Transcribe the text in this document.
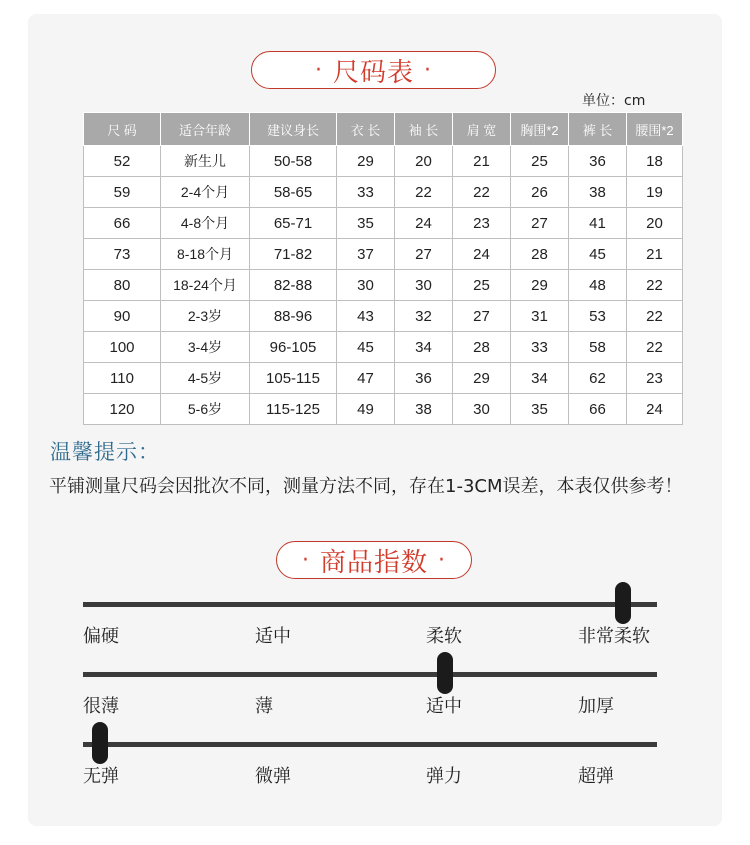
· 尺码表 ·
单位：cm
尺 码	适合年龄	建议身长	衣 长	袖 长	肩 宽	胸围*2	裤 长	腰围*2
52	新生儿	50-58	29	20	21	25	36	18
59	2-4个月	58-65	33	22	22	26	38	19
66	4-8个月	65-71	35	24	23	27	41	20
73	8-18个月	71-82	37	27	24	28	45	21
80	18-24个月	82-88	30	30	25	29	48	22
90	2-3岁	88-96	43	32	27	31	53	22
100	3-4岁	96-105	45	34	28	33	58	22
110	4-5岁	105-115	47	36	29	34	62	23
120	5-6岁	115-125	49	38	30	35	66	24
温馨提示：
平铺测量尺码会因批次不同，测量方法不同，存在1-3CM误差，本表仅供参考！
· 商品指数 ·
偏硬	适中	柔软	非常柔软
很薄	薄	适中	加厚
无弹	微弹	弹力	超弹
